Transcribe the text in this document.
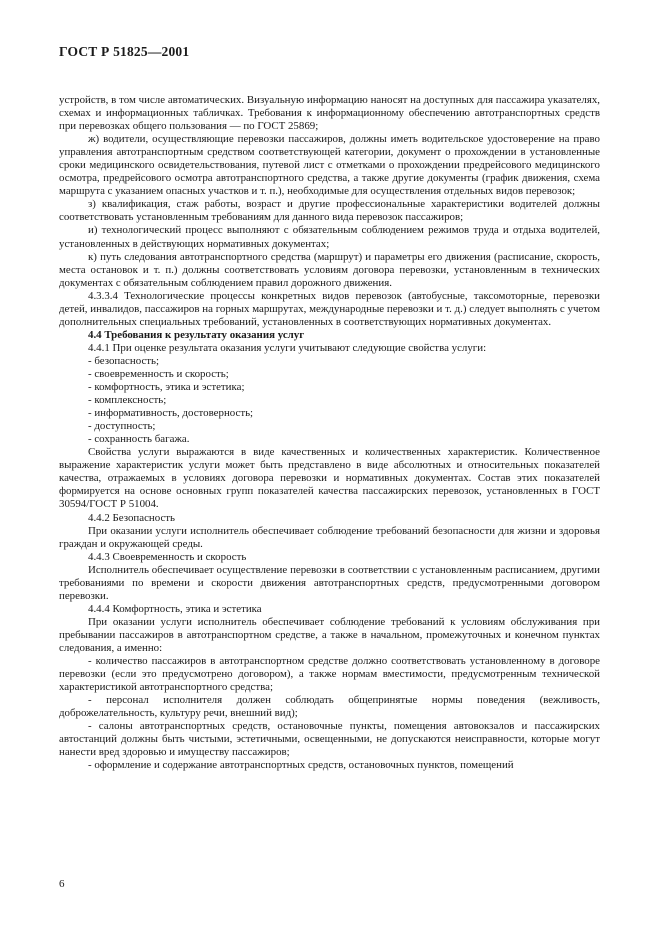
ГОСТ Р 51825—2001

устройств, в том числе автоматических. Визуальную информацию наносят на доступных для пассажира указателях, схемах и информационных табличках. Требования к информационному обеспечению автотранспортных средств при перевозках общего пользования — по ГОСТ 25869;

ж) водители, осуществляющие перевозки пассажиров, должны иметь водительское удостоверение на право управления автотранспортным средством соответствующей категории, документ о прохождении в установленные сроки медицинского освидетельствования, путевой лист с отметками о прохождении предрейсового медицинского осмотра, предрейсового осмотра автотранспортного средства, а также другие документы (график движения, схема маршрута с указанием опасных участков и т. п.), необходимые для осуществления отдельных видов перевозок;

з) квалификация, стаж работы, возраст и другие профессиональные характеристики водителей должны соответствовать установленным требованиям для данного вида перевозок пассажиров;

и) технологический процесс выполняют с обязательным соблюдением режимов труда и отдыха водителей, установленных в действующих нормативных документах;

к) путь следования автотранспортного средства (маршрут) и параметры его движения (расписание, скорость, места остановок и т. п.) должны соответствовать условиям договора перевозки, установленным в технических документах с обязательным соблюдением правил дорожного движения.

4.3.3.4 Технологические процессы конкретных видов перевозок (автобусные, таксомоторные, перевозки детей, инвалидов, пассажиров на горных маршрутах, международные перевозки и т. д.) следует выполнять с учетом дополнительных специальных требований, установленных в соответствующих нормативных документах.

4.4 Требования к результату оказания услуг

4.4.1 При оценке результата оказания услуги учитывают следующие свойства услуги:

- безопасность;

- своевременность и скорость;

- комфортность, этика и эстетика;

- комплексность;

- информативность, достоверность;

- доступность;

- сохранность багажа.

Свойства услуги выражаются в виде качественных и количественных характеристик. Количественное выражение характеристик услуги может быть представлено в виде абсолютных и относительных показателей качества, отражаемых в условиях договора перевозки и нормативных документах. Состав этих показателей формируется на основе основных групп показателей качества пассажирских перевозок, установленных в ГОСТ 30594/ГОСТ Р 51004.

4.4.2 Безопасность

При оказании услуги исполнитель обеспечивает соблюдение требований безопасности для жизни и здоровья граждан и окружающей среды.

4.4.3 Своевременность и скорость

Исполнитель обеспечивает осуществление перевозки в соответствии с установленным расписанием, другими требованиями по времени и скорости движения автотранспортных средств, предусмотренными договором перевозки.

4.4.4 Комфортность, этика и эстетика

При оказании услуги исполнитель обеспечивает соблюдение требований к условиям обслуживания при пребывании пассажиров в автотранспортном средстве, а также в начальном, промежуточных и конечном пунктах следования, а именно:

- количество пассажиров в автотранспортном средстве должно соответствовать установленному в договоре перевозки (если это предусмотрено договором), а также нормам вместимости, предусмотренным технической характеристикой автотранспортного средства;

- персонал исполнителя должен соблюдать общепринятые нормы поведения (вежливость, доброжелательность, культуру речи, внешний вид);

- салоны автотранспортных средств, остановочные пункты, помещения автовокзалов и пассажирских автостанций должны быть чистыми, эстетичными, освещенными, не допускаются неисправности, которые могут нанести вред здоровью и имуществу пассажиров;

- оформление и содержание автотранспортных средств, остановочных пунктов, помещений

6
